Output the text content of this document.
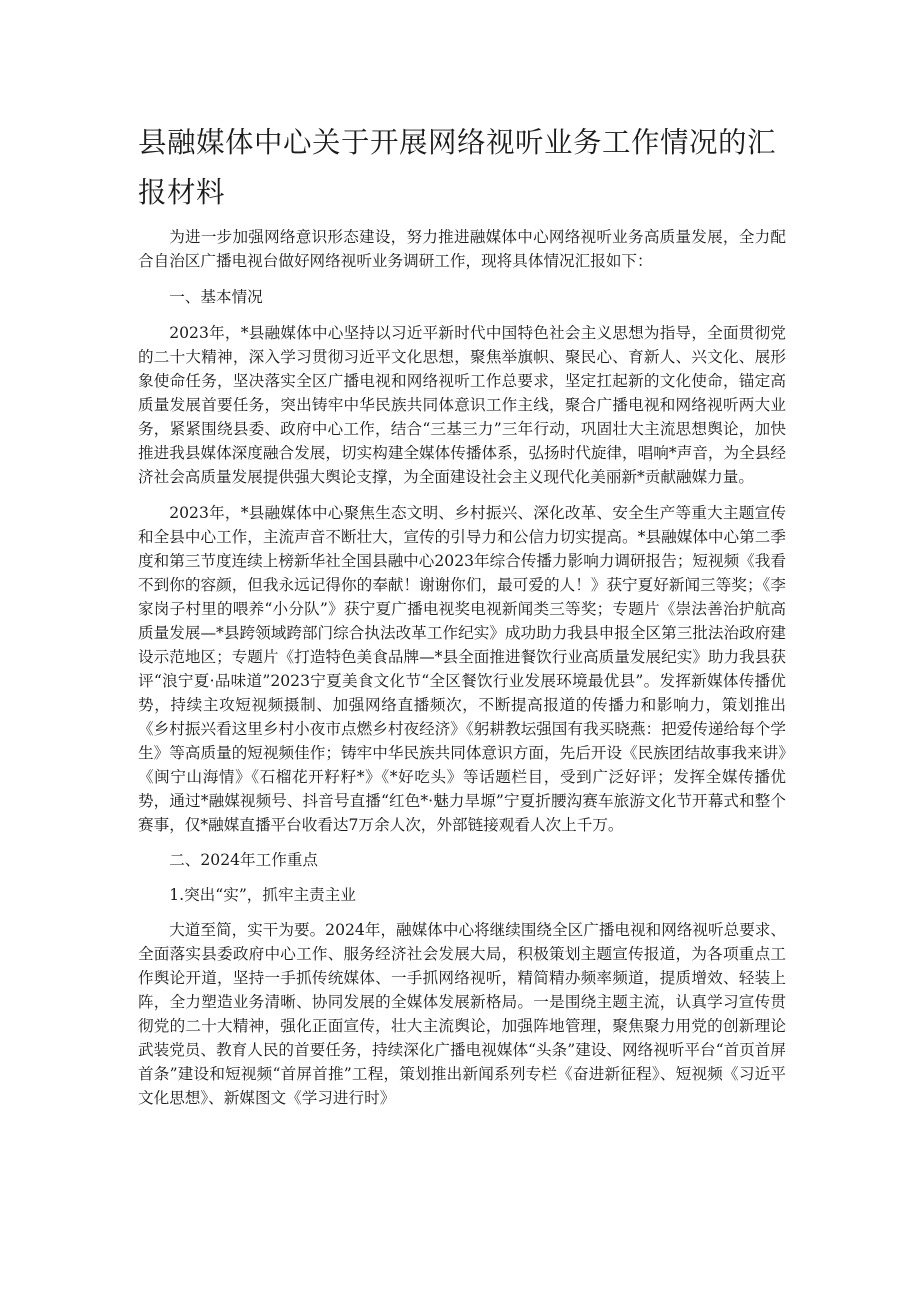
县融媒体中心关于开展网络视听业务工作情况的汇报材料

为进一步加强网络意识形态建设，努力推进融媒体中心网络视听业务高质量发展，全力配合自治区广播电视台做好网络视听业务调研工作，现将具体情况汇报如下：

一、基本情况

2023年，*县融媒体中心坚持以习近平新时代中国特色社会主义思想为指导，全面贯彻党的二十大精神，深入学习贯彻习近平文化思想，聚焦举旗帜、聚民心、育新人、兴文化、展形象使命任务，坚决落实全区广播电视和网络视听工作总要求，坚定扛起新的文化使命，锚定高质量发展首要任务，突出铸牢中华民族共同体意识工作主线，聚合广播电视和网络视听两大业务，紧紧围绕县委、政府中心工作，结合“三基三力”三年行动，巩固壮大主流思想舆论，加快推进我县媒体深度融合发展，切实构建全媒体传播体系，弘扬时代旋律，唱响*声音，为全县经济社会高质量发展提供强大舆论支撑，为全面建设社会主义现代化美丽新*贡献融媒力量。

2023年，*县融媒体中心聚焦生态文明、乡村振兴、深化改革、安全生产等重大主题宣传和全县中心工作，主流声音不断壮大，宣传的引导力和公信力切实提高。*县融媒体中心第二季度和第三节度连续上榜新华社全国县融中心2023年综合传播力影响力调研报告；短视频《我看不到你的容颜，但我永远记得你的奉献！谢谢你们，最可爱的人！》获宁夏好新闻三等奖；《李家岗子村里的喂养“小分队”》获宁夏广播电视奖电视新闻类三等奖；专题片《崇法善治护航高质量发展—*县跨领域跨部门综合执法改革工作纪实》成功助力我县申报全区第三批法治政府建设示范地区；专题片《打造特色美食品牌—*县全面推进餐饮行业高质量发展纪实》助力我县获评“浪宁夏·品味道”2023宁夏美食文化节“全区餐饮行业发展环境最优县”。发挥新媒体传播优势，持续主攻短视频摄制、加强网络直播频次，不断提高报道的传播力和影响力，策划推出《乡村振兴看这里乡村小夜市点燃乡村夜经济》《躬耕教坛强国有我买晓燕：把爱传递给每个学生》等高质量的短视频佳作；铸牢中华民族共同体意识方面，先后开设《民族团结故事我来讲》《闽宁山海情》《石榴花开籽籽*》《*好吃头》等话题栏目，受到广泛好评；发挥全媒传播优势，通过*融媒视频号、抖音号直播“红色*·魅力旱塬”宁夏折腰沟赛车旅游文化节开幕式和整个赛事，仅*融媒直播平台收看达7万余人次，外部链接观看人次上千万。

二、2024年工作重点

1.突出“实”，抓牢主责主业

大道至简，实干为要。2024年，融媒体中心将继续围绕全区广播电视和网络视听总要求、全面落实县委政府中心工作、服务经济社会发展大局，积极策划主题宣传报道，为各项重点工作舆论开道，坚持一手抓传统媒体、一手抓网络视听，精简精办频率频道，提质增效、轻装上阵，全力塑造业务清晰、协同发展的全媒体发展新格局。一是围绕主题主流，认真学习宣传贯彻党的二十大精神，强化正面宣传，壮大主流舆论，加强阵地管理，聚焦聚力用党的创新理论武装党员、教育人民的首要任务，持续深化广播电视媒体“头条”建设、网络视听平台“首页首屏首条”建设和短视频“首屏首推”工程，策划推出新闻系列专栏《奋进新征程》、短视频《习近平文化思想》、新媒图文《学习进行时》
